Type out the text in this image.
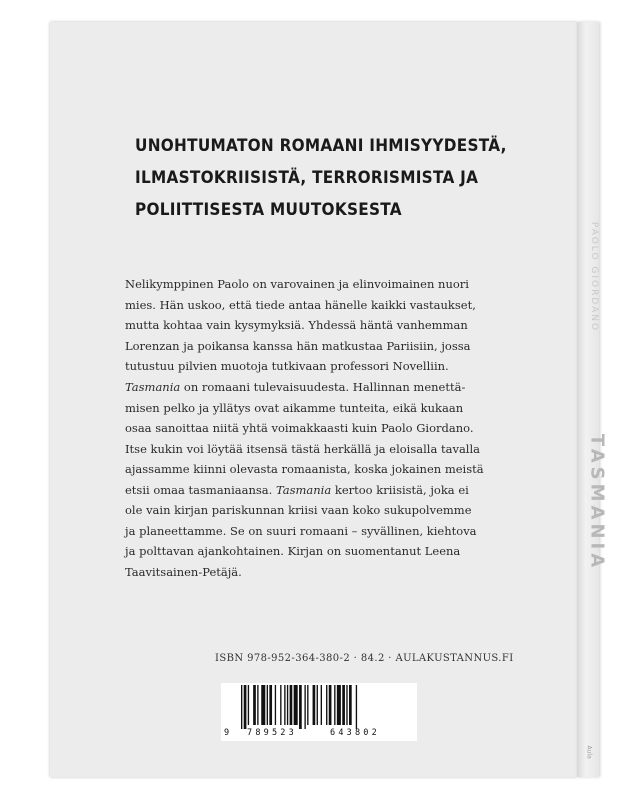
PAOLO GIORDANO
TASMANIA
Aula
UNOHTUMATON ROMAANI IHMISYYDESTÄ,
ILMASTOKRIISISTÄ, TERRORISMISTA JA
POLIITTISESTA MUUTOKSESTA
Nelikymppinen Paolo on varovainen ja elinvoimainen nuori
mies. Hän uskoo, että tiede antaa hänelle kaikki vastaukset,
mutta kohtaa vain kysymyksiä. Yhdessä häntä vanhemman
Lorenzan ja poikansa kanssa hän matkustaa Pariisiin, jossa
tutustuu pilvien muotoja tutkivaan professori Novelliin.
Tasmania on romaani tulevaisuudesta. Hallinnan menettä-
misen pelko ja yllätys ovat aikamme tunteita, eikä kukaan
osaa sanoittaa niitä yhtä voimakkaasti kuin Paolo Giordano.
Itse kukin voi löytää itsensä tästä herkällä ja eloisalla tavalla
ajassamme kiinni olevasta romaanista, koska jokainen meistä
etsii omaa tasmaniaansa. Tasmania kertoo kriisistä, joka ei
ole vain kirjan pariskunnan kriisi vaan koko sukupolvemme
ja planeettamme. Se on suuri romaani – syvällinen, kiehtova
ja polttavan ajankohtainen. Kirjan on suomentanut Leena
Taavitsainen-Petäjä.
ISBN 978-952-364-380-2 · 84.2 · AULAKUSTANNUS.FI
9 789523	643802
